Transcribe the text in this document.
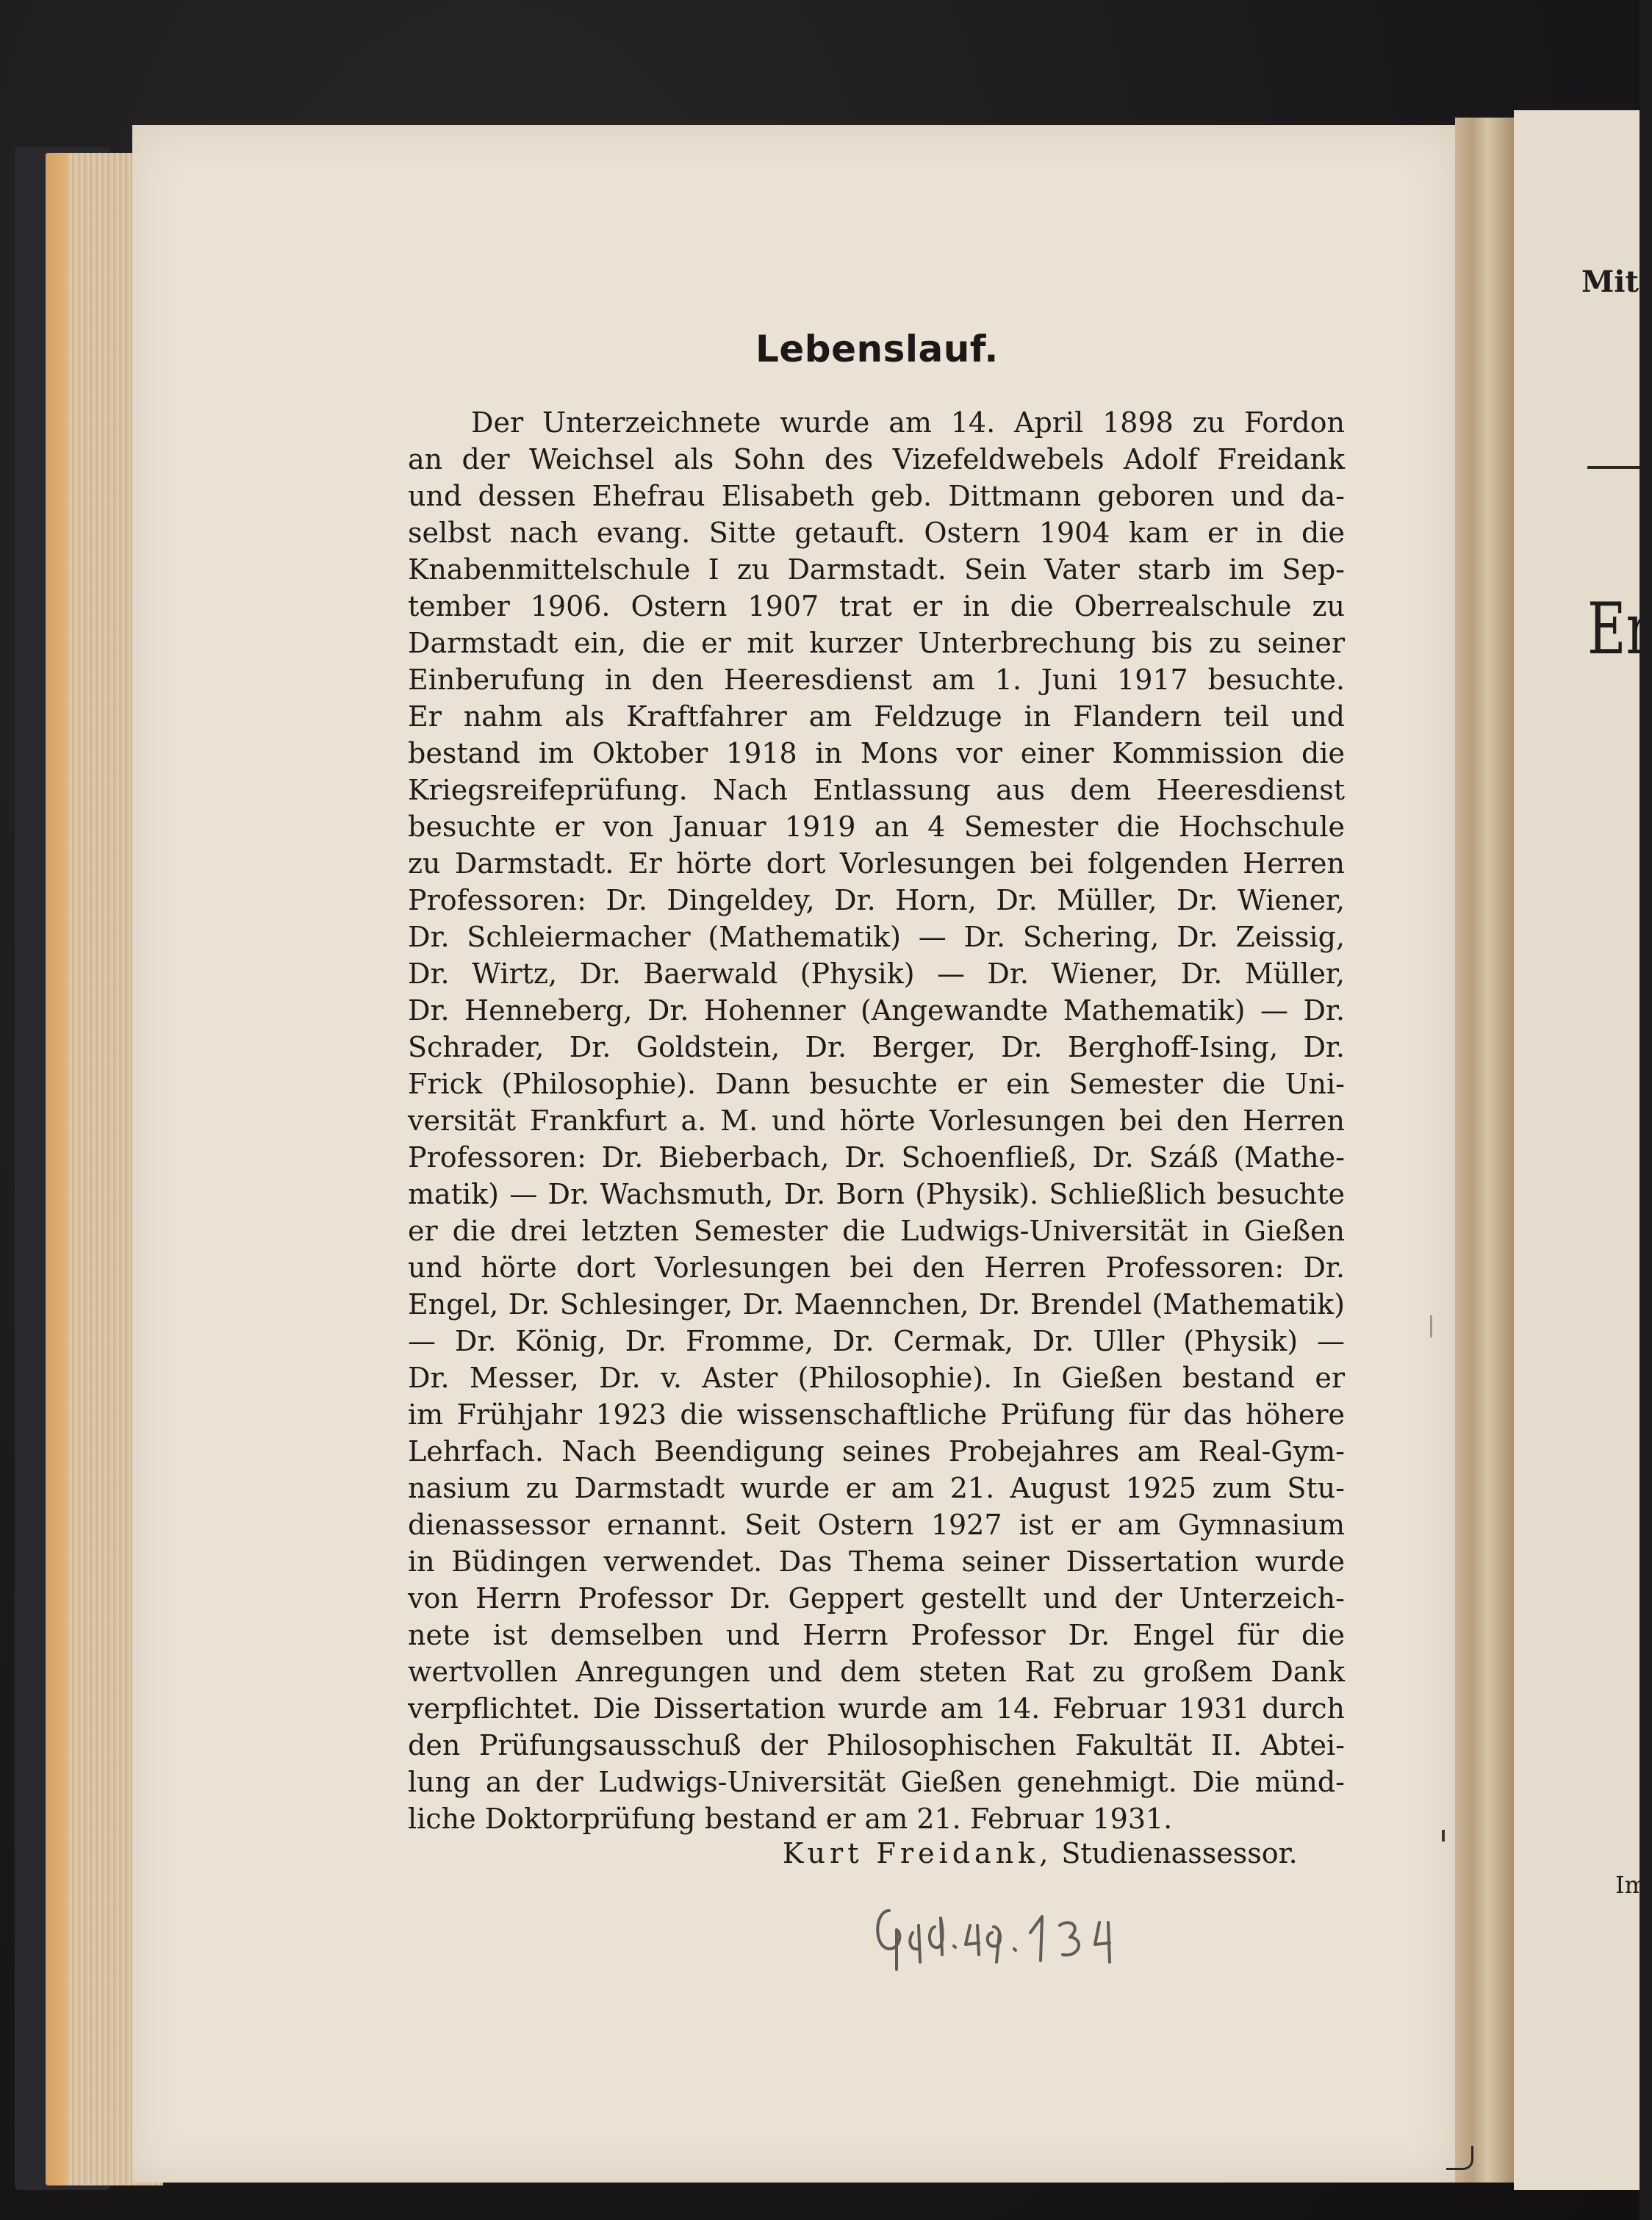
Mitt
Er
Im
Lebenslauf.
Der Unterzeichnete wurde am 14. April 1898 zu Fordon
an der Weichsel als Sohn des Vizefeldwebels Adolf Freidank
und dessen Ehefrau Elisabeth geb. Dittmann geboren und da-
selbst nach evang. Sitte getauft. Ostern 1904 kam er in die
Knabenmittelschule I zu Darmstadt. Sein Vater starb im Sep-
tember 1906. Ostern 1907 trat er in die Oberrealschule zu
Darmstadt ein, die er mit kurzer Unterbrechung bis zu seiner
Einberufung in den Heeresdienst am 1. Juni 1917 besuchte.
Er nahm als Kraftfahrer am Feldzuge in Flandern teil und
bestand im Oktober 1918 in Mons vor einer Kommission die
Kriegsreifeprüfung. Nach Entlassung aus dem Heeresdienst
besuchte er von Januar 1919 an 4 Semester die Hochschule
zu Darmstadt. Er hörte dort Vorlesungen bei folgenden Herren
Professoren: Dr. Dingeldey, Dr. Horn, Dr. Müller, Dr. Wiener,
Dr. Schleiermacher (Mathematik) — Dr. Schering, Dr. Zeissig,
Dr. Wirtz, Dr. Baerwald (Physik) — Dr. Wiener, Dr. Müller,
Dr. Henneberg, Dr. Hohenner (Angewandte Mathematik) — Dr.
Schrader, Dr. Goldstein, Dr. Berger, Dr. Berghoff-Ising, Dr.
Frick (Philosophie). Dann besuchte er ein Semester die Uni-
versität Frankfurt a. M. und hörte Vorlesungen bei den Herren
Professoren: Dr. Bieberbach, Dr. Schoenfließ, Dr. Száß (Mathe-
matik) — Dr. Wachsmuth, Dr. Born (Physik). Schließlich besuchte
er die drei letzten Semester die Ludwigs-Universität in Gießen
und hörte dort Vorlesungen bei den Herren Professoren: Dr.
Engel, Dr. Schlesinger, Dr. Maennchen, Dr. Brendel (Mathematik)
— Dr. König, Dr. Fromme, Dr. Cermak, Dr. Uller (Physik) —
Dr. Messer, Dr. v. Aster (Philosophie). In Gießen bestand er
im Frühjahr 1923 die wissenschaftliche Prüfung für das höhere
Lehrfach. Nach Beendigung seines Probejahres am Real-Gym-
nasium zu Darmstadt wurde er am 21. August 1925 zum Stu-
dienassessor ernannt. Seit Ostern 1927 ist er am Gymnasium
in Büdingen verwendet. Das Thema seiner Dissertation wurde
von Herrn Professor Dr. Geppert gestellt und der Unterzeich-
nete ist demselben und Herrn Professor Dr. Engel für die
wertvollen Anregungen und dem steten Rat zu großem Dank
verpflichtet. Die Dissertation wurde am 14. Februar 1931 durch
den Prüfungsausschuß der Philosophischen Fakultät II. Abtei-
lung an der Ludwigs-Universität Gießen genehmigt. Die münd-
liche Doktorprüfung bestand er am 21. Februar 1931.
Kurt Freidank, Studienassessor.
